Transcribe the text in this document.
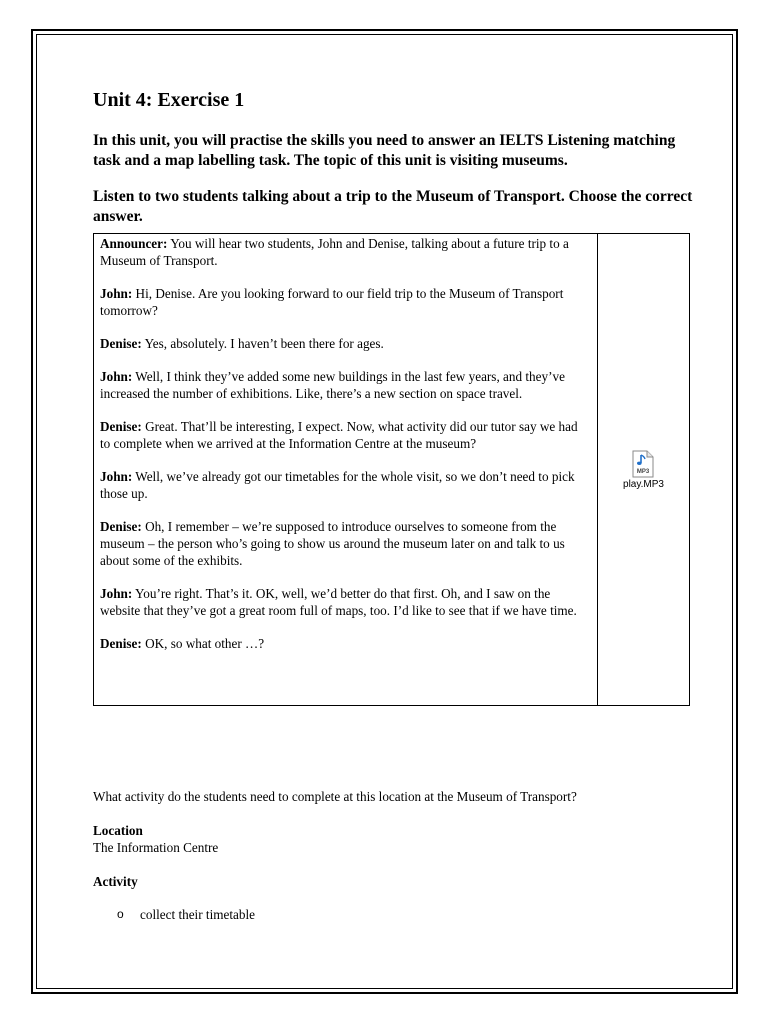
Unit 4: Exercise 1

In this unit, you will practise the skills you need to answer an IELTS Listening matching task and a map labelling task. The topic of this unit is visiting museums.

Listen to two students talking about a trip to the Museum of Transport. Choose the correct answer.

Announcer: You will hear two students, John and Denise, talking about a future trip to a Museum of Transport.
John: Hi, Denise. Are you looking forward to our field trip to the Museum of Transport tomorrow?
Denise: Yes, absolutely. I haven’t been there for ages.
John: Well, I think they’ve added some new buildings in the last few years, and they’ve increased the number of exhibitions. Like, there’s a new section on space travel.
Denise: Great. That’ll be interesting, I expect. Now, what activity did our tutor say we had to complete when we arrived at the Information Centre at the museum?
John: Well, we’ve already got our timetables for the whole visit, so we don’t need to pick those up.
Denise: Oh, I remember – we’re supposed to introduce ourselves to someone from the museum – the person who’s going to show us around the museum later on and talk to us about some of the exhibits.
John: You’re right. That’s it. OK, well, we’d better do that first. Oh, and I saw on the website that they’ve got a great room full of maps, too. I’d like to see that if we have time.
Denise: OK, so what other …?

MP3
play.MP3

What activity do the students need to complete at this location at the Museum of Transport?

Location

The Information Centre

Activity

o collect their timetable
